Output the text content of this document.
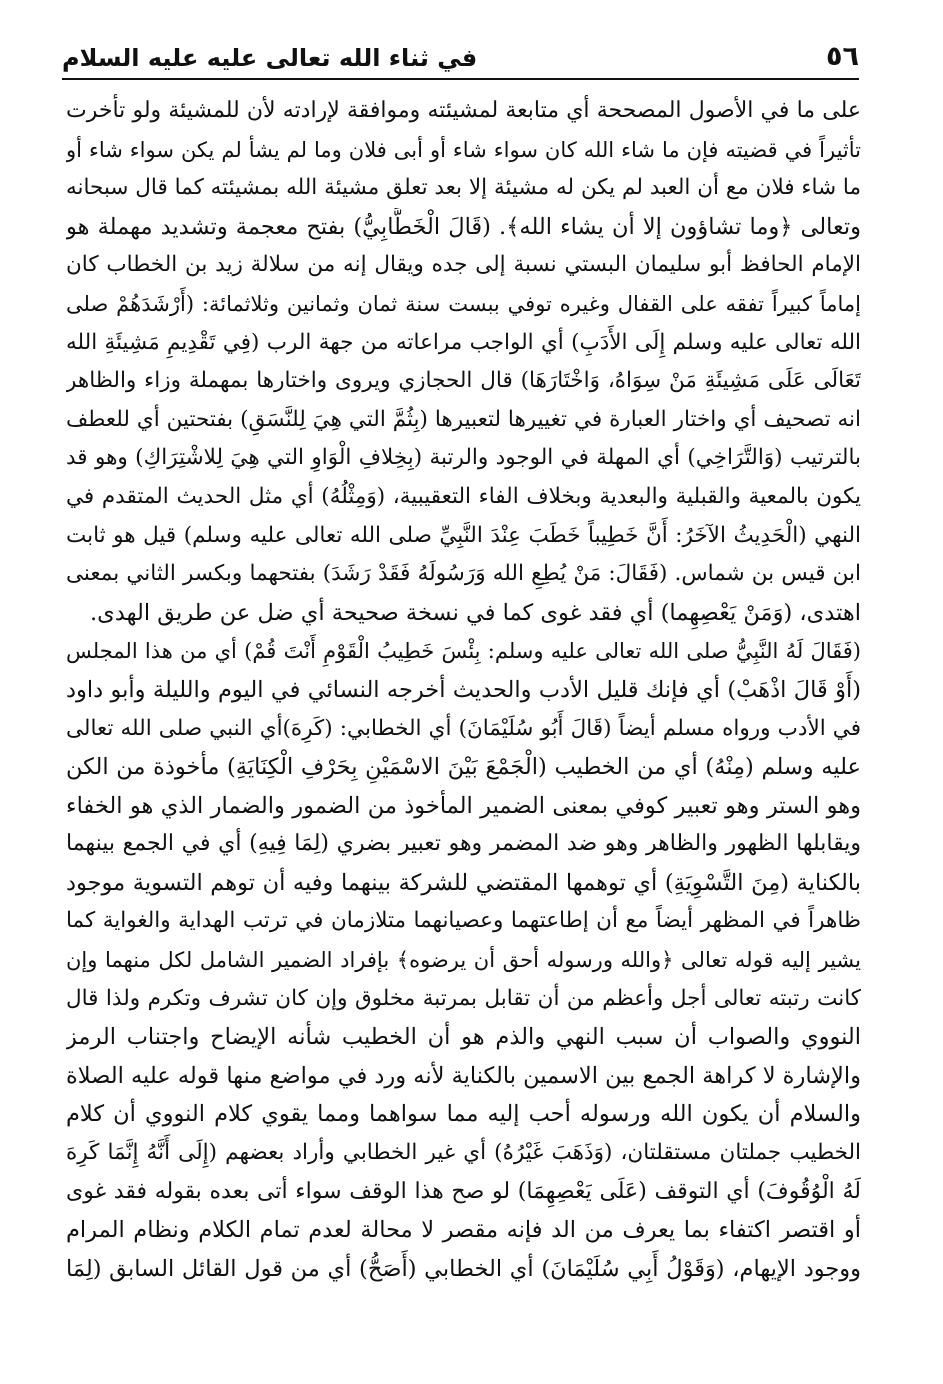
٥٦
في ثناء الله تعالى عليه عليه السلام
على ما في الأصول المصححة أي متابعة لمشيئته وموافقة لإرادته لأن للمشيئة ولو تأخرت
تأثيراً في قضيته فإن ما شاء الله كان سواء شاء أو أبى فلان وما لم يشأ لم يكن سواء شاء أو
ما شاء فلان مع أن العبد لم يكن له مشيئة إلا بعد تعلق مشيئة الله بمشيئته كما قال سبحانه
وتعالى ﴿وما تشاؤون إلا أن يشاء الله﴾. (قَالَ الْخَطَّابِيُّ) بفتح معجمة وتشديد مهملة هو
الإمام الحافظ أبو سليمان البستي نسبة إلى جده ويقال إنه من سلالة زيد بن الخطاب كان
إماماً كبيراً تفقه على القفال وغيره توفي ببست سنة ثمان وثمانين وثلاثمائة: (أَرْشَدَهُمْ صلى
الله تعالى عليه وسلم إِلَى الأَدَبِ) أي الواجب مراعاته من جهة الرب (فِي تَقْدِيمِ مَشِيئَةِ الله
تَعَالَى عَلَى مَشِيئَةِ مَنْ سِوَاهُ، وَاخْتَارَهَا) قال الحجازي ويروى واختارها بمهملة وزاء والظاهر
انه تصحيف أي واختار العبارة في تغييرها لتعبيرها (بِثُمَّ التي هِيَ لِلنَّسَقِ) بفتحتين أي للعطف
بالترتيب (وَالتَّرَاخِي) أي المهلة في الوجود والرتبة (بِخِلافِ الْوَاوِ التي هِيَ لِلاشْتِرَاكِ) وهو قد
يكون بالمعية والقبلية والبعدية وبخلاف الفاء التعقيبية، (وَمِثْلُهُ) أي مثل الحديث المتقدم في
النهي (الْحَدِيثُ الآخَرُ: أَنَّ خَطِيباً خَطَبَ عِنْدَ النَّبِيِّ صلى الله تعالى عليه وسلم) قيل هو ثابت
ابن قيس بن شماس. (فَقَالَ: مَنْ يُطِعِ الله وَرَسُولَهُ فَقَدْ رَشَدَ) بفتحهما وبكسر الثاني بمعنى
اهتدى، (وَمَنْ يَعْصِهِما) أي فقد غوى كما في نسخة صحيحة أي ضل عن طريق الهدى.
(فَقَالَ لَهُ النَّبِيُّ صلى الله تعالى عليه وسلم: بِئْسَ خَطِيبُ الْقَوْمِ أَنْتَ قُمْ) أي من هذا المجلس
(أَوْ قَالَ اذْهَبْ) أي فإنك قليل الأدب والحديث أخرجه النسائي في اليوم والليلة وأبو داود
في الأدب ورواه مسلم أيضاً (قَالَ أَبُو سُلَيْمَانَ) أي الخطابي: (كَرِهَ)أي النبي صلى الله تعالى
عليه وسلم (مِنْهُ) أي من الخطيب (الْجَمْعَ بَيْنَ الاسْمَيْنِ بِحَرْفِ الْكِنَايَةِ) مأخوذة من الكن
وهو الستر وهو تعبير كوفي بمعنى الضمير المأخوذ من الضمور والضمار الذي هو الخفاء
ويقابلها الظهور والظاهر وهو ضد المضمر وهو تعبير بضري (لِمَا فِيهِ) أي في الجمع بينهما
بالكناية (مِنَ التَّسْوِيَةِ) أي توهمها المقتضي للشركة بينهما وفيه أن توهم التسوية موجود
ظاهراً في المظهر أيضاً مع أن إطاعتهما وعصيانهما متلازمان في ترتب الهداية والغواية كما
يشير إليه قوله تعالى ﴿والله ورسوله أحق أن يرضوه﴾ بإفراد الضمير الشامل لكل منهما وإن
كانت رتبته تعالى أجل وأعظم من أن تقابل بمرتبة مخلوق وإن كان تشرف وتكرم ولذا قال
النووي والصواب أن سبب النهي والذم هو أن الخطيب شأنه الإيضاح واجتناب الرمز
والإشارة لا كراهة الجمع بين الاسمين بالكناية لأنه ورد في مواضع منها قوله عليه الصلاة
والسلام أن يكون الله ورسوله أحب إليه مما سواهما ومما يقوي كلام النووي أن كلام
الخطيب جملتان مستقلتان، (وَذَهَبَ غَيْرُهُ) أي غير الخطابي وأراد بعضهم (إِلَى أَنَّهُ إِنَّمَا كَرِهَ
لَهُ الْوُقُوفَ) أي التوقف (عَلَى يَعْصِهِمَا) لو صح هذا الوقف سواء أتى بعده بقوله فقد غوى
أو اقتصر اكتفاء بما يعرف من الد فإنه مقصر لا محالة لعدم تمام الكلام ونظام المرام
ووجود الإيهام، (وَقَوْلُ أَبِي سُلَيْمَانَ) أي الخطابي (أَصَحُّ) أي من قول القائل السابق (لِمَا
